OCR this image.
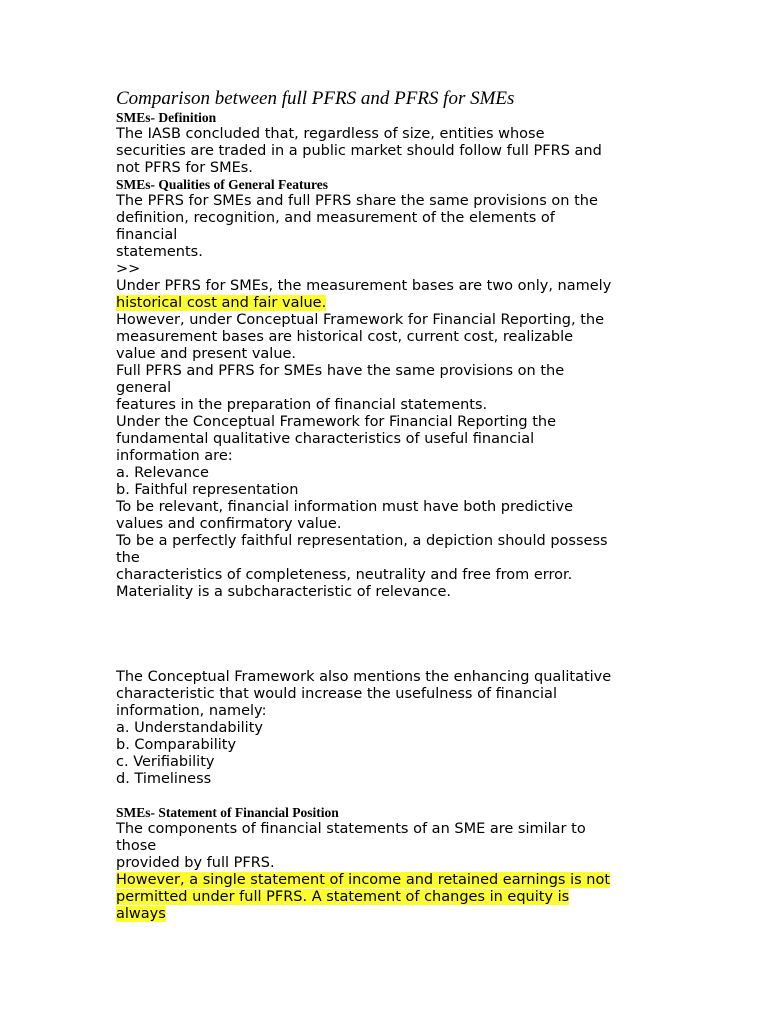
Comparison between full PFRS and PFRS for SMEs

SMEs- Definition

The IASB concluded that, regardless of size, entities whose

securities are traded in a public market should follow full PFRS and

not PFRS for SMEs.

SMEs- Qualities of General Features

The PFRS for SMEs and full PFRS share the same provisions on the

definition, recognition, and measurement of the elements of

financial

statements.

>>

Under PFRS for SMEs, the measurement bases are two only, namely

historical cost and fair value.

However, under Conceptual Framework for Financial Reporting, the

measurement bases are historical cost, current cost, realizable

value and present value.

Full PFRS and PFRS for SMEs have the same provisions on the

general

features in the preparation of financial statements.

Under the Conceptual Framework for Financial Reporting the

fundamental qualitative characteristics of useful financial

information are:

a. Relevance

b. Faithful representation

To be relevant, financial information must have both predictive

values and confirmatory value.

To be a perfectly faithful representation, a depiction should possess

the

characteristics of completeness, neutrality and free from error.

Materiality is a subcharacteristic of relevance.

The Conceptual Framework also mentions the enhancing qualitative

characteristic that would increase the usefulness of financial

information, namely:

a. Understandability

b. Comparability

c. Verifiability

d. Timeliness

SMEs- Statement of Financial Position

The components of financial statements of an SME are similar to

those

provided by full PFRS.

However, a single statement of income and retained earnings is not

permitted under full PFRS. A statement of changes in equity is

always
